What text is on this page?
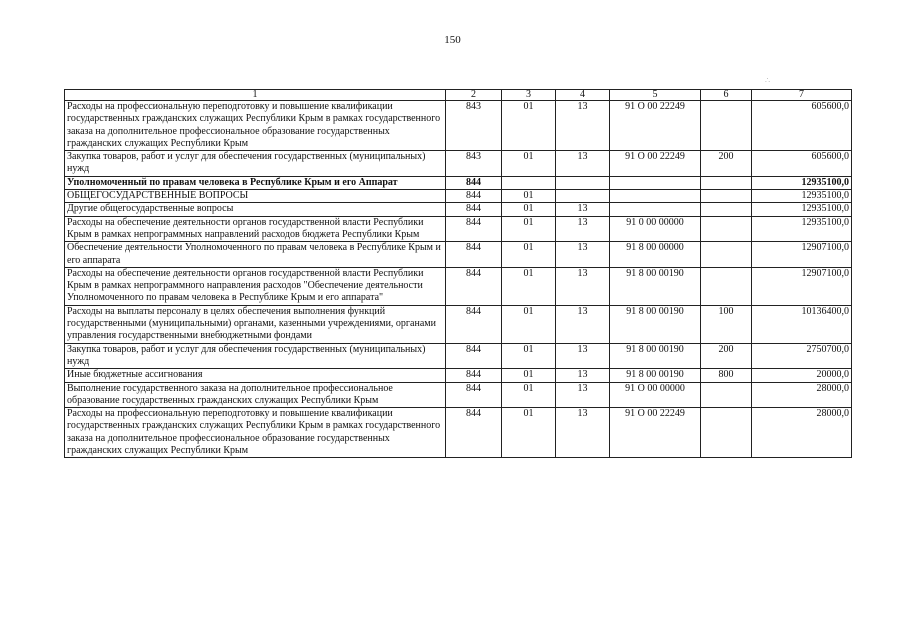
150
∴
1	2	3	4	5	6	7
Расходы на профессиональную переподготовку и повышение квалификации государственных гражданских служащих Республики Крым в рамках государственного заказа на дополнительное профессиональное образование государственных гражданских служащих Республики Крым	843	01	13	91 О 00 22249		605600,0
Закупка товаров, работ и услуг для обеспечения государственных (муниципальных) нужд	843	01	13	91 О 00 22249	200	605600,0
Уполномоченный по правам человека в Республике Крым и его Аппарат	844					12935100,0
ОБЩЕГОСУДАРСТВЕННЫЕ ВОПРОСЫ	844	01				12935100,0
Другие общегосударственные вопросы	844	01	13			12935100,0
Расходы на обеспечение деятельности органов государственной власти Республики Крым в рамках непрограммных направлений расходов бюджета Республики Крым	844	01	13	91 0 00 00000		12935100,0
Обеспечение деятельности Уполномоченного по правам человека в Республике Крым и его аппарата	844	01	13	91 8 00 00000		12907100,0
Расходы на обеспечение деятельности органов государственной власти Республики Крым в рамках непрограммного направления расходов "Обеспечение деятельности Уполномоченного по правам человека в Республике Крым и его аппарата"	844	01	13	91 8 00 00190		12907100,0
Расходы на выплаты персоналу в целях обеспечения выполнения функций государственными (муниципальными) органами, казенными учреждениями, органами управления государственными внебюджетными фондами	844	01	13	91 8 00 00190	100	10136400,0
Закупка товаров, работ и услуг для обеспечения государственных (муниципальных) нужд	844	01	13	91 8 00 00190	200	2750700,0
Иные бюджетные ассигнования	844	01	13	91 8 00 00190	800	20000,0
Выполнение государственного заказа на дополнительное профессиональное образование государственных гражданских служащих Республики Крым	844	01	13	91 О 00 00000		28000,0
Расходы на профессиональную переподготовку и повышение квалификации государственных гражданских служащих Республики Крым в рамках государственного заказа на дополнительное профессиональное образование государственных гражданских служащих Республики Крым	844	01	13	91 О 00 22249		28000,0
